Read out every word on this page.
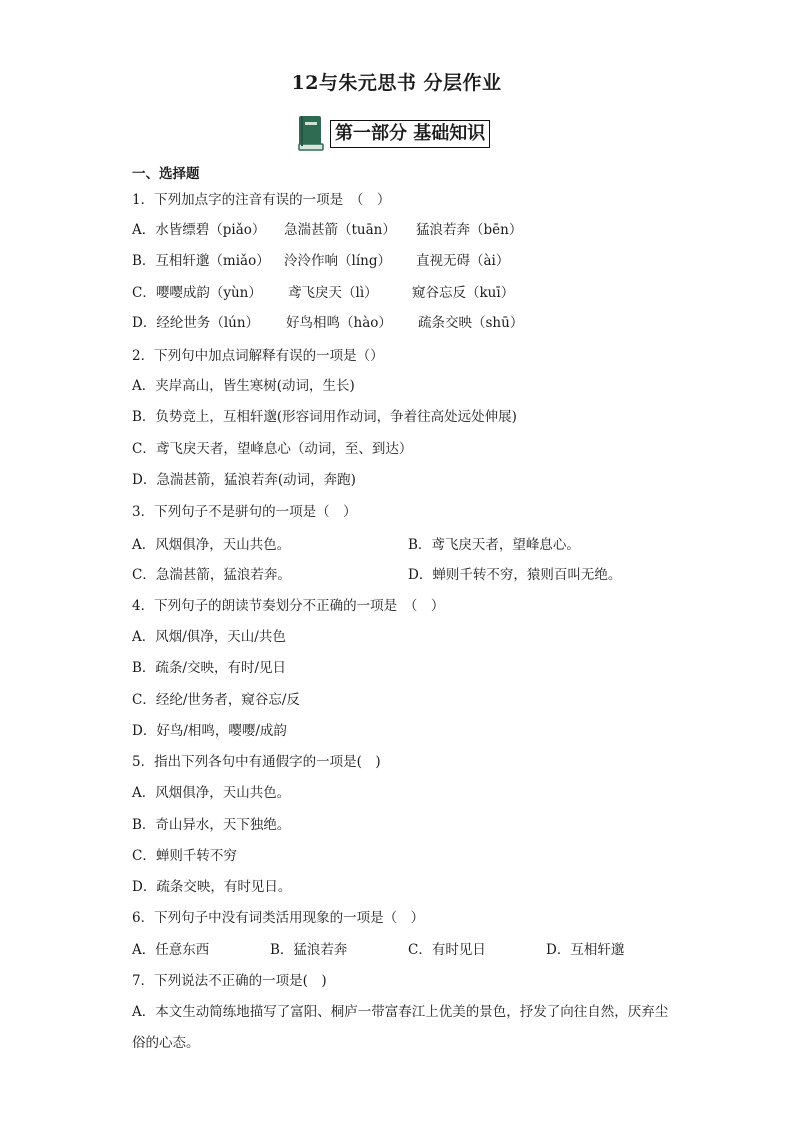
12与朱元思书 分层作业
第一部分 基础知识
一、选择题
1．下列加点字的注音有误的一项是　（　）
A．水皆缥碧（piǎo） 急湍甚箭（tuān） 猛浪若奔（bēn）
B．互相轩邈（miǎo） 泠泠作响（líng） 直视无碍（ài）
C．嘤嘤成韵（yùn） 鸢飞戾天（lì）	窥谷忘反（kuī）
D．经纶世务（lún） 好鸟相鸣（hào） 疏条交映（shū）
2．下列句中加点词解释有误的一项是（）
A．夹岸高山，皆生寒树(动词，生长)
B．负势竞上，互相轩邈(形容词用作动词，争着往高处远处伸展)
C．鸢飞戾天者，望峰息心（动词，至、到达）
D．急湍甚箭，猛浪若奔(动词，奔跑)
3．下列句子不是骈句的一项是（　）
A．风烟俱净，天山共色。	B．鸢飞戾天者，望峰息心。
C．急湍甚箭，猛浪若奔。	D．蝉则千转不穷，猿则百叫无绝。
4．下列句子的朗读节奏划分不正确的一项是　（　）
A．风烟/俱净，天山/共色
B．疏条/交映，有时/见日
C．经纶/世务者，窥谷忘/反
D．好鸟/相鸣，嘤嘤/成韵
5．指出下列各句中有通假字的一项是(　)
A．风烟俱净，天山共色。
B．奇山异水，天下独绝。
C．蝉则千转不穷
D．疏条交映，有时见日。
6．下列句子中没有词类活用现象的一项是（　）
A．任意东西	B．猛浪若奔	C．有时见日	D．互相轩邈
7．下列说法不正确的一项是(　)
A．本文生动简练地描写了富阳、桐庐一带富春江上优美的景色，抒发了向往自然，厌弃尘俗的心态。
